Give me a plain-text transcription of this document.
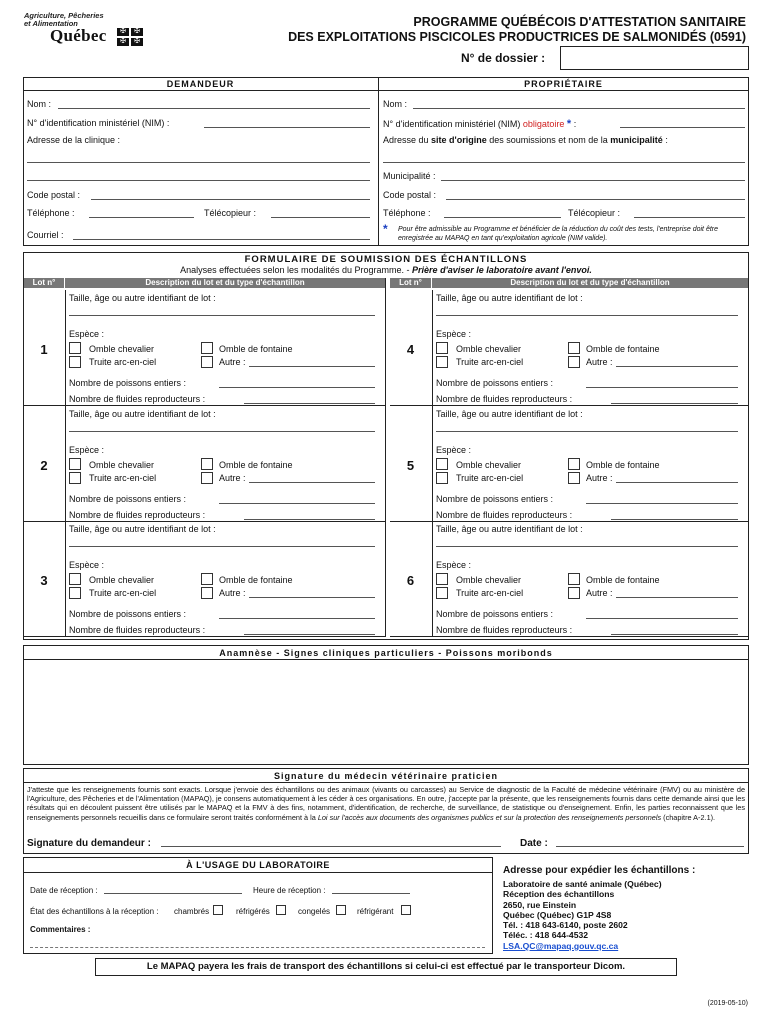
Agriculture, Pêcheries
et Alimentation
Québec	✠	✠
✠	✠
PROGRAMME QUÉBÉCOIS D'ATTESTATION SANITAIRE
DES EXPLOITATIONS PISCICOLES PRODUCTRICES DE SALMONIDÉS (0591)
N° de dossier :
DEMANDEUR	PROPRIÉTAIRE
Nom :
N° d'identification ministériel (NIM) :
Adresse de la clinique :
Code postal :
Téléphone :	Télécopieur :
Courriel :
Nom :
N° d'identification ministériel (NIM) obligatoire * :
Adresse du site d'origine des soumissions et nom de la municipalité :
Municipalité :
Code postal :
Téléphone :	Télécopieur :
* Pour être admissible au Programme et bénéficier de la réduction du coût des tests, l'entreprise doit être enregistrée au MAPAQ en tant qu'exploitation agricole (NIM valide).
FORMULAIRE DE SOUMISSION DES ÉCHANTILLONS
Analyses effectuées selon les modalités du Programme. - Prière d'aviser le laboratoire avant l'envoi.
Lot n°	Description du lot et du type d'échantillon	Lot n°	Description du lot et du type d'échantillon
1
Taille, âge ou autre identifiant de lot :
Espèce :
Omble chevalier	Omble de fontaine
Truite arc-en-ciel	Autre :
Nombre de poissons entiers :
Nombre de fluides reproducteurs :
4
Taille, âge ou autre identifiant de lot :
Espèce :
Omble chevalier	Omble de fontaine
Truite arc-en-ciel	Autre :
Nombre de poissons entiers :
Nombre de fluides reproducteurs :
2
Taille, âge ou autre identifiant de lot :
Espèce :
Omble chevalier	Omble de fontaine
Truite arc-en-ciel	Autre :
Nombre de poissons entiers :
Nombre de fluides reproducteurs :
5
Taille, âge ou autre identifiant de lot :
Espèce :
Omble chevalier	Omble de fontaine
Truite arc-en-ciel	Autre :
Nombre de poissons entiers :
Nombre de fluides reproducteurs :
3
Taille, âge ou autre identifiant de lot :
Espèce :
Omble chevalier	Omble de fontaine
Truite arc-en-ciel	Autre :
Nombre de poissons entiers :
Nombre de fluides reproducteurs :
6
Taille, âge ou autre identifiant de lot :
Espèce :
Omble chevalier	Omble de fontaine
Truite arc-en-ciel	Autre :
Nombre de poissons entiers :
Nombre de fluides reproducteurs :
Anamnèse - Signes cliniques particuliers - Poissons moribonds
Signature du médecin vétérinaire praticien
J'atteste que les renseignements fournis sont exacts. Lorsque j'envoie des échantillons ou des animaux (vivants ou carcasses) au Service de diagnostic de la Faculté de médecine vétérinaire (FMV) ou au ministère de l'Agriculture, des Pêcheries et de l'Alimentation (MAPAQ), je consens automatiquement à les céder à ces organisations. En outre, j'accepte par la présente, que les renseignements fournis dans cette demande ainsi que les résultats qui en découlent puissent être utilisés par le MAPAQ et la FMV à des fins, notamment, d'identification, de recherche, de surveillance, de statistique ou d'enseignement. Enfin, les parties reconnaissent que les renseignements personnels recueillis dans ce formulaire seront traités conformément à la Loi sur l'accès aux documents des organismes publics et sur la protection des renseignements personnels (chapitre A-2.1).
Signature du demandeur :	Date :
À L'USAGE DU LABORATOIRE
Date de réception :	Heure de réception :
État des échantillons à la réception : chambrés	réfrigérés	congelés	réfrigérant
Commentaires :
Adresse pour expédier les échantillons :
Laboratoire de santé animale (Québec)
Réception des échantillons
2650, rue Einstein
Québec (Québec) G1P 4S8
Tél. : 418 643-6140, poste 2602
Téléc. : 418 644-4532
LSA.QC@mapaq.gouv.qc.ca
Le MAPAQ payera les frais de transport des échantillons si celui-ci est effectué par le transporteur Dicom.
(2019-05-10)
